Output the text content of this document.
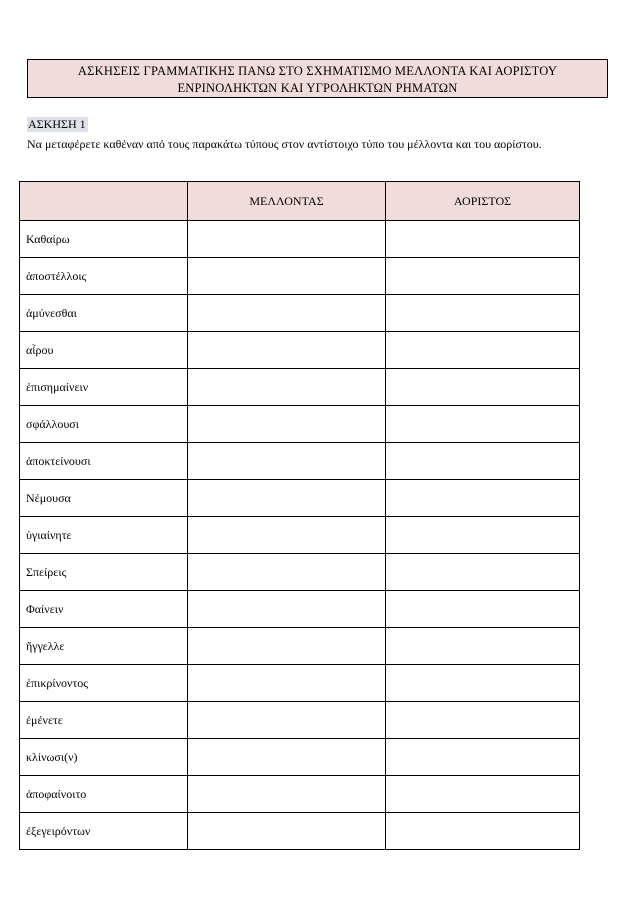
ΑΣΚΗΣΕΙΣ ΓΡΑΜΜΑΤΙΚΗΣ ΠΑΝΩ ΣΤΟ ΣΧΗΜΑΤΙΣΜΟ ΜΕΛΛΟΝΤΑ ΚΑΙ ΑΟΡΙΣΤΟΥ
ΕΝΡΙΝΟΛΗΚΤΩΝ ΚΑΙ ΥΓΡΟΛΗΚΤΩΝ ΡΗΜΑΤΩΝ
ΑΣΚΗΣΗ 1
Να μεταφέρετε καθέναν από τους παρακάτω τύπους στον αντίστοιχο τύπο του μέλλοντα και του αορίστου.
	ΜΕΛΛΟΝΤΑΣ	ΑΟΡΙΣΤΟΣ
Καθαίρω		
ἀποστέλλοις		
ἀμύνεσθαι		
αἶρου		
ἐπισημαίνειν		
σφάλλουσι		
ἀποκτείνουσι		
Νέμουσα		
ὑγιαίνητε		
Σπείρεις		
Φαίνειν		
ἤγγελλε		
ἐπικρίνοντος		
ἐμένετε		
κλίνωσι(ν)		
ἀποφαίνοιτο		
ἐξεγειρόντων		
